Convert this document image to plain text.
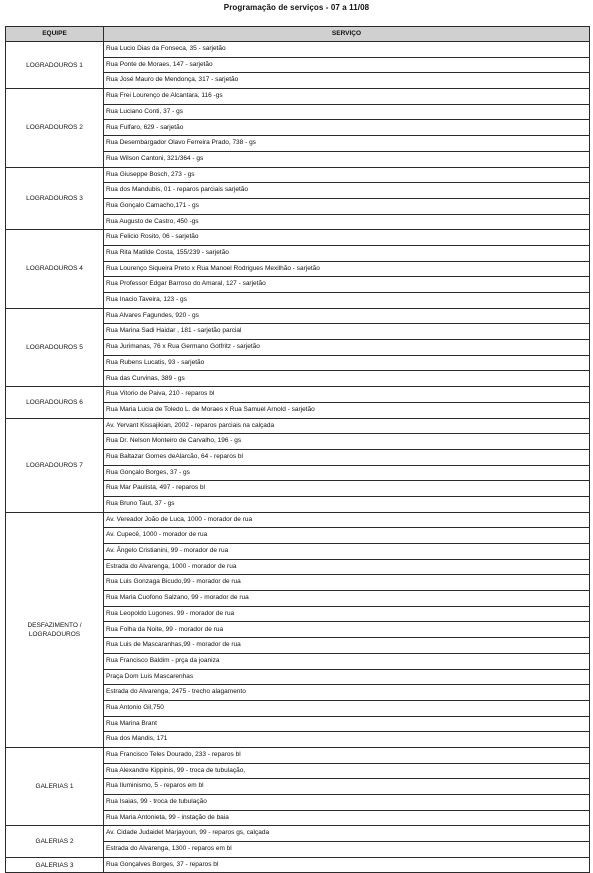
Programação de serviços - 07 a 11/08
EQUIPE	SERVIÇO
LOGRADOUROS 1	Rua Lucio Dias da Fonseca, 35 - sarjetão
	Rua Ponte de Moraes, 147 - sarjetão
	Rua José Mauro de Mendonça, 317 - sarjetão
LOGRADOUROS 2	Rua Frei Lourenço de Alcantara, 116 -gs
	Rua Luciano Conti, 37 - gs
	Rua Fulfaro, 629 - sarjetão
	Rua Desembargador Olavo Ferreira Prado, 738 - gs
	Rua Wilson Cantoni, 321/364 - gs
LOGRADOUROS 3	Rua Giuseppe Bosch, 273 - gs
	Rua dos Mandubis, 01 - reparos parciais sarjetão
	Rua Gonçalo Camacho,171 - gs
	Rua Augusto de Castro, 450 -gs
LOGRADOUROS 4	Rua Felicio Rosito, 06 - sarjetão
	Rua Rita Matilde Costa, 155/239 - sarjetão
	Rua Lourenço Siqueira Preto x Rua Manoel Rodrigues Mexilhão - sarjetão
	Rua Professor Edgar Barroso do Amaral, 127 - sarjetão
	Rua Inacio Taveira, 123 - gs
LOGRADOUROS 5	Rua Alvares Fagundes, 920 - gs
	Rua Marina Sadi Haidar , 181 - sarjetão parcial
	Rua Jurimanas, 76 x Rua Germano Gotfritz - sarjetão
	Rua Rubens Lucatis, 93 - sarjetão
	Rua das Curvinas, 389 - gs
LOGRADOUROS 6	Rua Vitorio de Paiva, 210 - reparos bl
	Rua Maria Lucia de Toledo L. de Moraes x Rua Samuel Arnold - sarjetão
LOGRADOUROS 7	Av. Yervant Kissajikian, 2002 - reparos parciais na calçada
	Rua Dr. Nelson Monteiro de Carvalho, 196 - gs
	Rua Baltazar Gomes deAlarcão, 64 - reparos bl
	Rua Gonçalo Borges, 37 - gs
	Rua Mar Paulista, 497 - reparos bl
	Rua Bruno Taut, 37 - gs
DESFAZIMENTO /
LOGRADOUROS	Av. Vereador João de Luca, 1000 - morador de rua
	Av. Cupecê, 1000 - morador de rua
	Av. Ângelo Cristianini, 99 - morador de rua
	Estrada do Alvarenga, 1000 - morador de rua
	Rua Luis Gonzaga Bicudo,99 - morador de rua
	Rua Maria Cuofono Salzano, 99 - morador de rua
	Rua Leopoldo Lugones. 99 - morador de rua
	Rua Folha da Noite, 99 - morador de rua
	Rua Luis de Mascaranhas,99 - morador de rua
	Rua Francisco Baldim - prça da joaniza
	Praça Dom Luis Mascarenhas
	Estrada do Alvarenga, 2475 - trecho alagamento
	Rua Antonio Gil,750
	Rua Marina Brant
	Rua dos Mandis, 171
GALERIAS 1	Rua Francisco Teles Dourado, 233 - reparos bl
	Rua Alexandre Kippinis, 99 - troca de tubulação,
	Rua Iluminismo, 5 - reparos em bl
	Rua Isaias, 99 - troca de tubulação
	Rua Maria Antonieta, 99 - instação de baia
GALERIAS 2	Av. Cidade Judaidet Marjayoun, 99 - reparos gs, calçada
	Estrada do Alvarenga, 1300 - reparos em bl
GALERIAS 3	Rua Gonçalves Borges, 37 - reparos bl
